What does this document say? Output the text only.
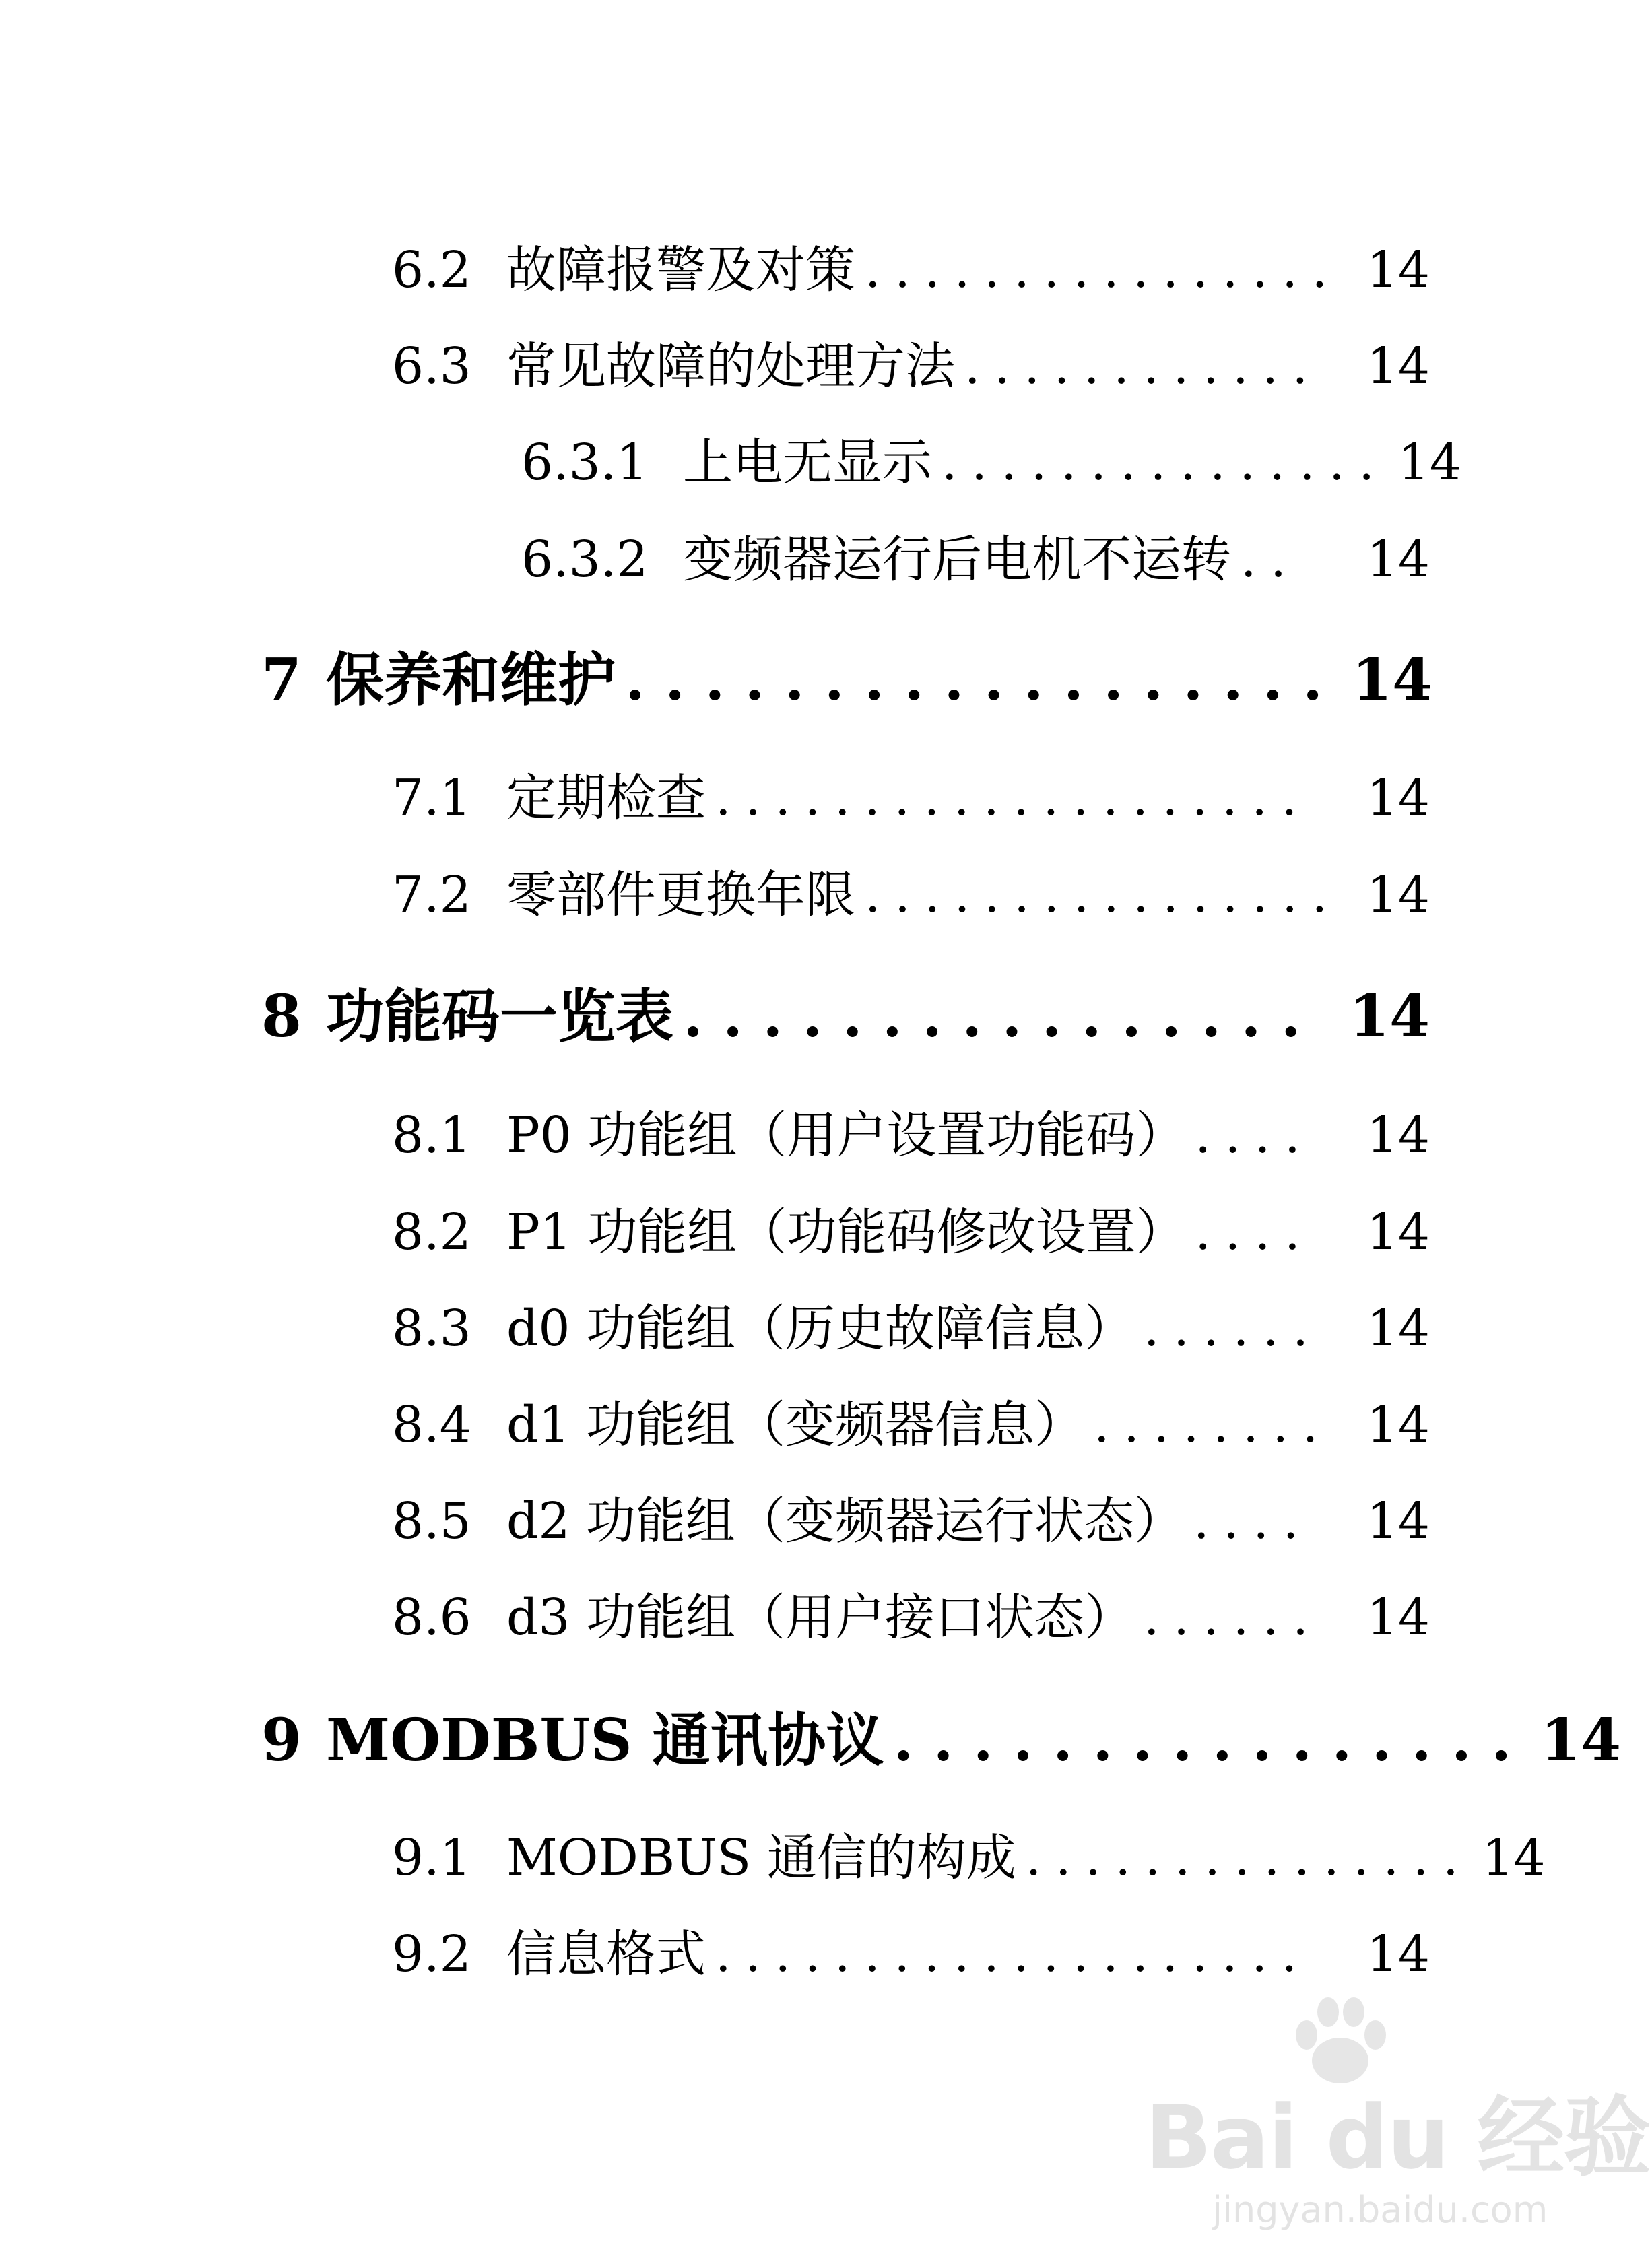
6.2 故障报警及对策 ................ 14
6.3 常见故障的处理方法 ............ 14
6.3.1 上电无显示 ............... 14
6.3.2 变频器运行后电机不运转 ..	14
7 保养和维护 .................. 14
7.1 定期检查 ....................	14
7.2 零部件更换年限 ................ 14
8 功能码一览表 ................ 14
8.1 P0 功能组（用户设置功能码） ....	14
8.2 P1 功能组（功能码修改设置） ....	14
8.3 d0 功能组（历史故障信息） ...... 14
8.4 d1 功能组（变频器信息） ........ 14
8.5 d2 功能组（变频器运行状态） ....	14
8.6 d3 功能组（用户接口状态） ...... 14
9 MODBUS 通讯协议 ................ 14
9.1 MODBUS 通信的构成 ............... 14
9.2 信息格式 ....................	14
Bai du 经验
jingyan.baidu.com
